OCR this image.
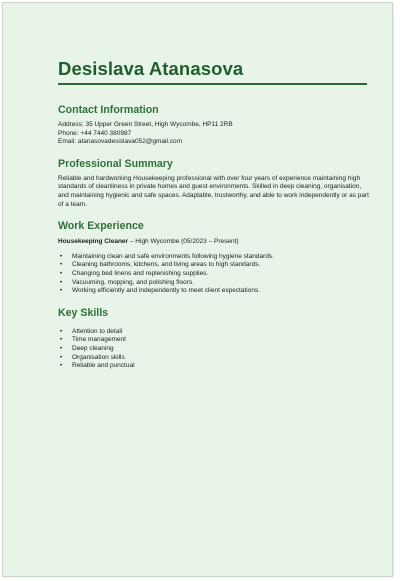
Desislava Atanasova
Contact Information
Address: 35 Upper Green Street, High Wycombe, HP11 2RB
Phone: +44 7440 380987
Email: atanasovadesislava052@gmail.com
Professional Summary
Reliable and hardworking Housekeeping professional with over four years of experience maintaining high standards of cleanliness in private homes and guest environments. Skilled in deep cleaning, organisation, and maintaining hygienic and safe spaces. Adaptable, trustworthy, and able to work independently or as part of a team.
Work Experience
Housekeeping Cleaner – High Wycombe (05/2023 – Present)
• Maintaining clean and safe environments following hygiene standards.
• Cleaning bathrooms, kitchens, and living areas to high standards.
• Changing bed linens and replenishing supplies.
• Vacuuming, mopping, and polishing floors.
• Working efficiently and independently to meet client expectations.
Key Skills
• Attention to detail
• Time management
• Deep cleaning
• Organisation skills
• Reliable and punctual
